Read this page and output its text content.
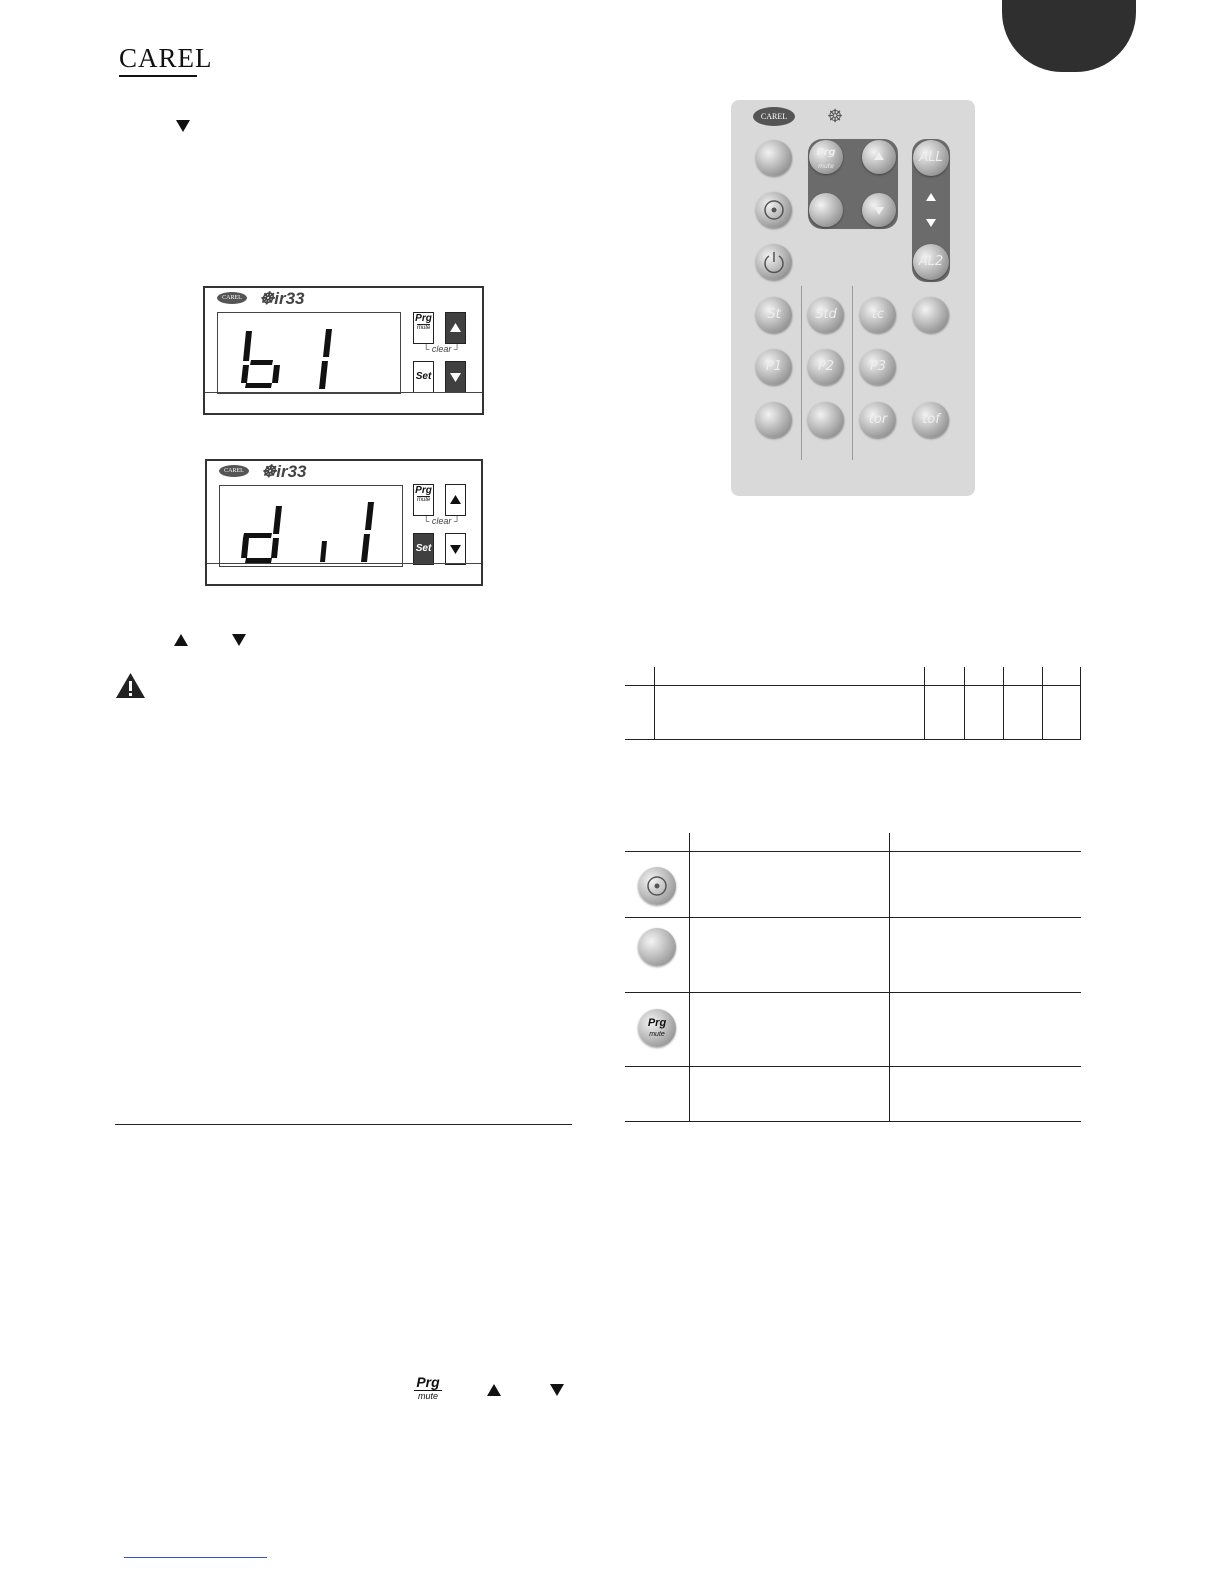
CAREL
CAREL	☸ir33
Prg
mute
└ clear ┘
Set
CAREL	☸ir33
Prg
mute
└ clear ┘
Set
Prg
mute
CAREL	☸
Prg
mute
ALL
AL2
St	Std	tc
P1	P2	P3
tor	tof
Prg
mute
